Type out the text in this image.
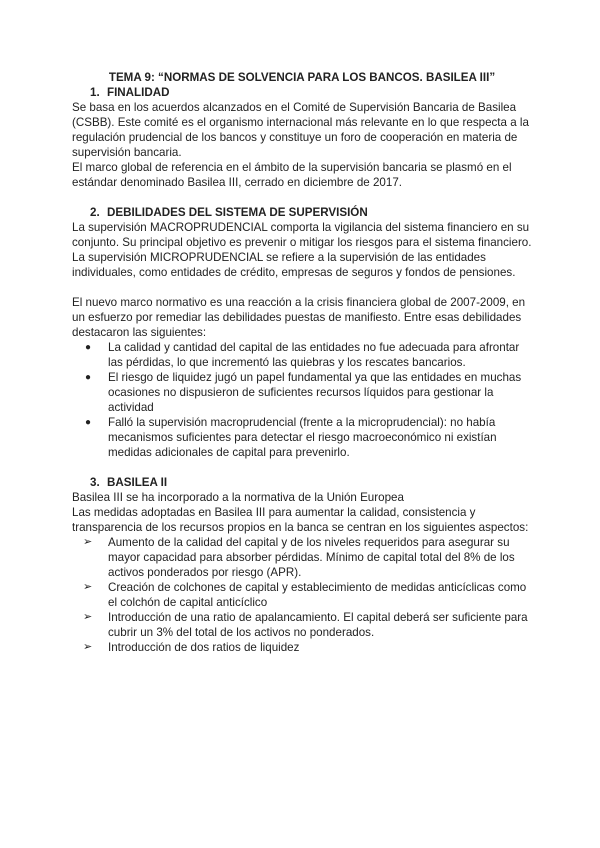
TEMA 9: “NORMAS DE SOLVENCIA PARA LOS BANCOS. BASILEA III”

1. FINALIDAD

Se basa en los acuerdos alcanzados en el Comité de Supervisión Bancaria de Basilea (CSBB). Este comité es el organismo internacional más relevante en lo que respecta a la regulación prudencial de los bancos y constituye un foro de cooperación en materia de supervisión bancaria.

El marco global de referencia en el ámbito de la supervisión bancaria se plasmó en el estándar denominado Basilea III, cerrado en diciembre de 2017.

2. DEBILIDADES DEL SISTEMA DE SUPERVISIÓN

La supervisión MACROPRUDENCIAL comporta la vigilancia del sistema financiero en su conjunto. Su principal objetivo es prevenir o mitigar los riesgos para el sistema financiero.

La supervisión MICROPRUDENCIAL se refiere a la supervisión de las entidades individuales, como entidades de crédito, empresas de seguros y fondos de pensiones.

El nuevo marco normativo es una reacción a la crisis financiera global de 2007-2009, en un esfuerzo por remediar las debilidades puestas de manifiesto. Entre esas debilidades destacaron las siguientes:

● La calidad y cantidad del capital de las entidades no fue adecuada para afrontar las pérdidas, lo que incrementó las quiebras y los rescates bancarios.
● El riesgo de liquidez jugó un papel fundamental ya que las entidades en muchas ocasiones no dispusieron de suficientes recursos líquidos para gestionar la actividad
● Falló la supervisión macroprudencial (frente a la microprudencial): no había mecanismos suficientes para detectar el riesgo macroeconómico ni existían medidas adicionales de capital para prevenirlo.

3. BASILEA II

Basilea III se ha incorporado a la normativa de la Unión Europea

Las medidas adoptadas en Basilea III para aumentar la calidad, consistencia y transparencia de los recursos propios en la banca se centran en los siguientes aspectos:

➢ Aumento de la calidad del capital y de los niveles requeridos para asegurar su mayor capacidad para absorber pérdidas. Mínimo de capital total del 8% de los activos ponderados por riesgo (APR).
➢ Creación de colchones de capital y establecimiento de medidas anticíclicas como el colchón de capital anticíclico
➢ Introducción de una ratio de apalancamiento. El capital deberá ser suficiente para cubrir un 3% del total de los activos no ponderados.
➢ Introducción de dos ratios de liquidez
